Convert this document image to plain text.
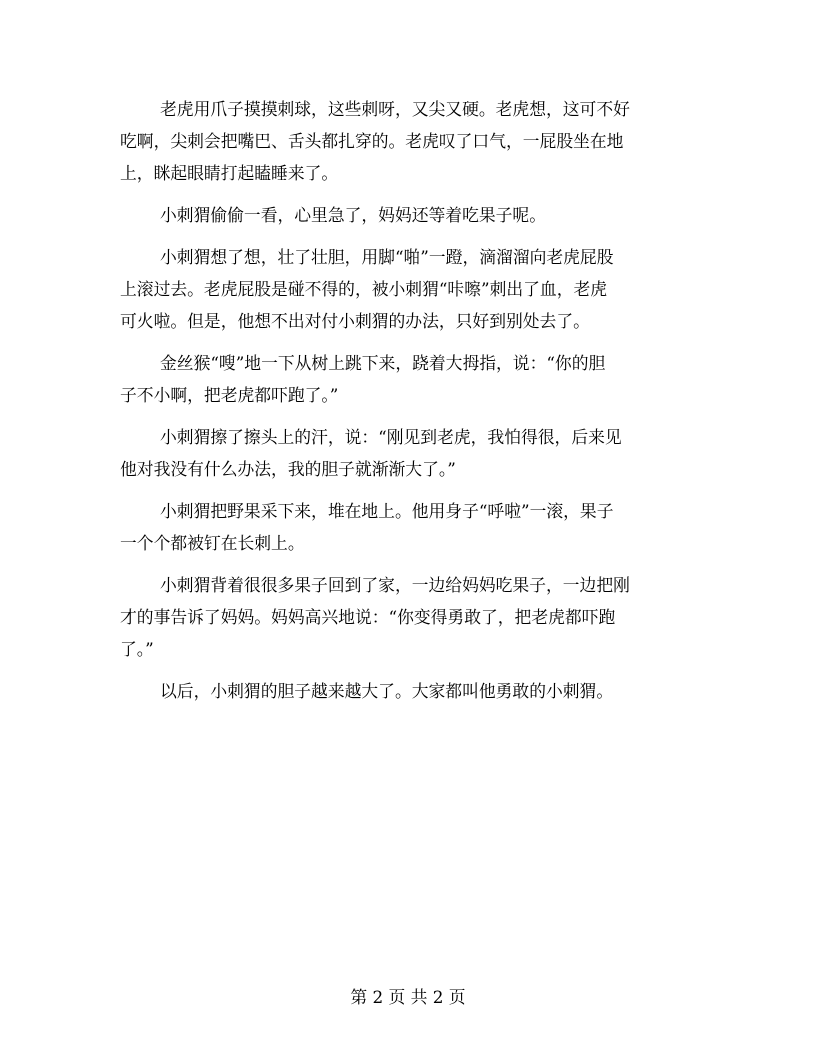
老虎用爪子摸摸刺球，这些刺呀，又尖又硬。老虎想，这可不好
吃啊，尖刺会把嘴巴、舌头都扎穿的。老虎叹了口气，一屁股坐在地
上，眯起眼睛打起瞌睡来了。
小刺猬偷偷一看，心里急了，妈妈还等着吃果子呢。
小刺猬想了想，壮了壮胆，用脚“啪”一蹬，滴溜溜向老虎屁股
上滚过去。老虎屁股是碰不得的，被小刺猬“咔嚓”刺出了血，老虎
可火啦。但是，他想不出对付小刺猬的办法，只好到别处去了。
金丝猴“嗖”地一下从树上跳下来，跷着大拇指，说：“你的胆
子不小啊，把老虎都吓跑了。”
小刺猬擦了擦头上的汗，说：“刚见到老虎，我怕得很，后来见
他对我没有什么办法，我的胆子就渐渐大了。”
小刺猬把野果采下来，堆在地上。他用身子“呼啦”一滚，果子
一个个都被钉在长刺上。
小刺猬背着很很多果子回到了家，一边给妈妈吃果子，一边把刚
才的事告诉了妈妈。妈妈高兴地说：“你变得勇敢了，把老虎都吓跑
了。”
以后，小刺猬的胆子越来越大了。大家都叫他勇敢的小刺猬。
第 2 页 共 2 页
